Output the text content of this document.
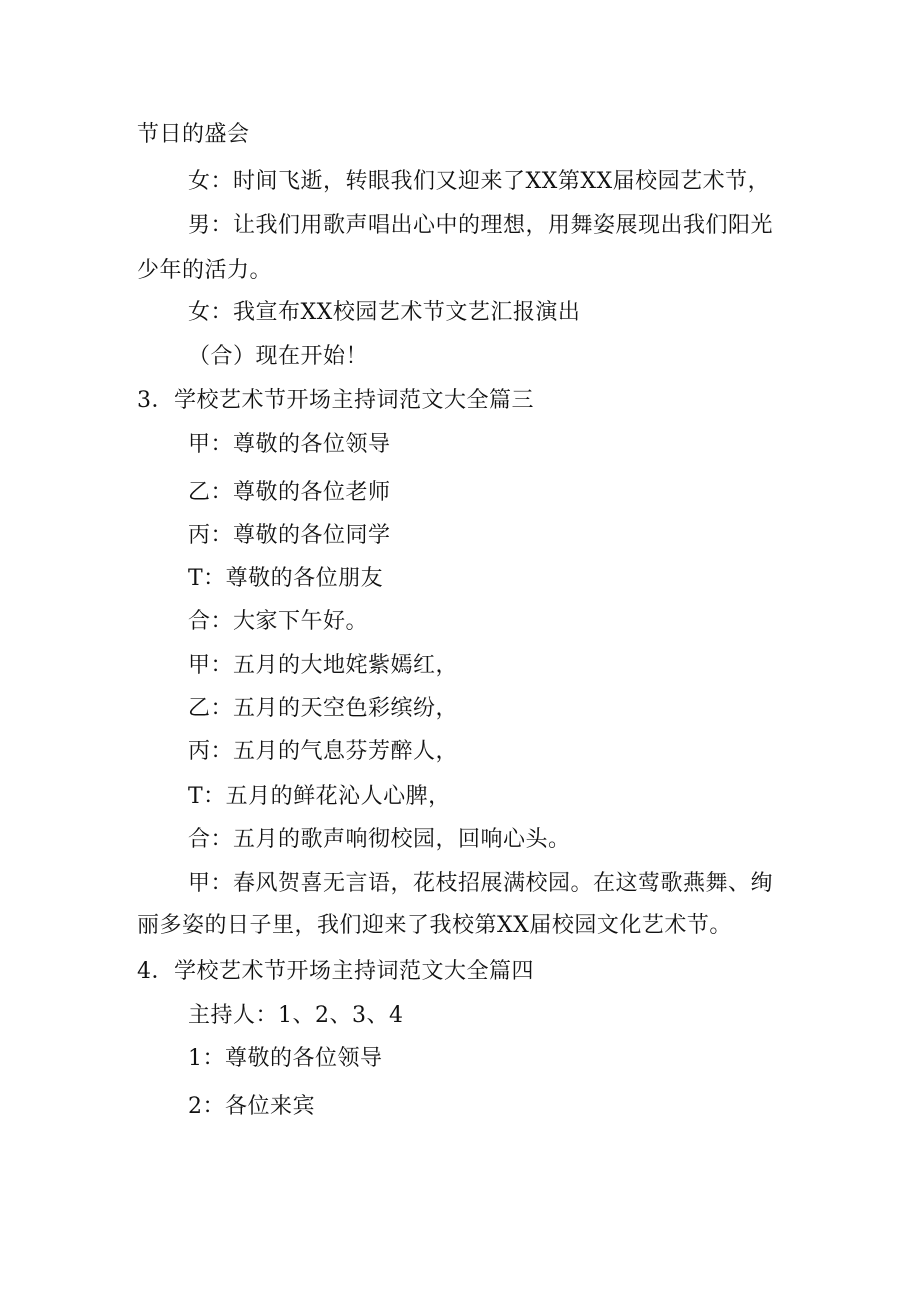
节日的盛会
女：时间飞逝，转眼我们又迎来了XX第XX届校园艺术节，
男：让我们用歌声唱出心中的理想，用舞姿展现出我们阳光
少年的活力。
女：我宣布XX校园艺术节文艺汇报演出
（合）现在开始！
3．学校艺术节开场主持词范文大全篇三
甲：尊敬的各位领导
乙：尊敬的各位老师
丙：尊敬的各位同学
T：尊敬的各位朋友
合：大家下午好。
甲：五月的大地姹紫嫣红，
乙：五月的天空色彩缤纷，
丙：五月的气息芬芳醉人，
T：五月的鲜花沁人心脾，
合：五月的歌声响彻校园，回响心头。
甲：春风贺喜无言语，花枝招展满校园。在这莺歌燕舞、绚
丽多姿的日子里，我们迎来了我校第XX届校园文化艺术节。
4．学校艺术节开场主持词范文大全篇四
主持人：1、2、3、4
1：尊敬的各位领导
2：各位来宾
